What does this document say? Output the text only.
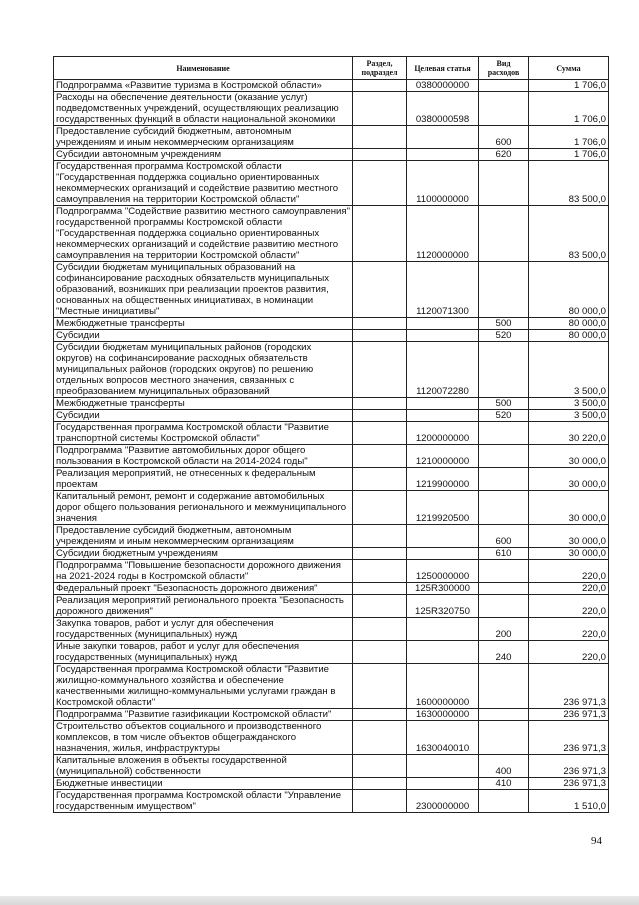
Наименование	Раздел, подраздел	Целевая статья	Вид расходов	Сумма
Подпрограмма «Развитие туризма в Костромской области»		0380000000		1 706,0
Расходы на обеспечение деятельности (оказание услуг) подведомственных учреждений, осуществляющих реализацию государственных функций в области национальной экономики		0380000598		1 706,0
Предоставление субсидий бюджетным, автономным учреждениям и иным некоммерческим организациям			600	1 706,0
Субсидии автономным учреждениям			620	1 706,0
Государственная программа Костромской области "Государственная поддержка социально ориентированных некоммерческих организаций и содействие развитию местного самоуправления на территории Костромской области"		1100000000		83 500,0
Подпрограмма "Содействие развитию местного самоуправления" государственной программы Костромской области "Государственная поддержка социально ориентированных некоммерческих организаций и содействие развитию местного самоуправления на территории Костромской области"		1120000000		83 500,0
Субсидии бюджетам муниципальных образований на софинансирование расходных обязательств муниципальных образований, возникших при реализации проектов развития, основанных на общественных инициативах, в номинации "Местные инициативы"		1120071300		80 000,0
Межбюджетные трансферты			500	80 000,0
Субсидии			520	80 000,0
Субсидии бюджетам муниципальных районов (городских округов) на софинансирование расходных обязательств муниципальных районов (городских округов) по решению отдельных вопросов местного значения, связанных с преобразованием муниципальных образований		1120072280		3 500,0
Межбюджетные трансферты			500	3 500,0
Субсидии			520	3 500,0
Государственная программа Костромской области "Развитие транспортной системы Костромской области"		1200000000		30 220,0
Подпрограмма "Развитие автомобильных дорог общего пользования в Костромской области на 2014-2024 годы"		1210000000		30 000,0
Реализация мероприятий, не отнесенных к федеральным проектам		1219900000		30 000,0
Капитальный ремонт, ремонт и содержание автомобильных дорог общего пользования регионального и межмуниципального значения		1219920500		30 000,0
Предоставление субсидий бюджетным, автономным учреждениям и иным некоммерческим организациям			600	30 000,0
Субсидии бюджетным учреждениям			610	30 000,0
Подпрограмма "Повышение безопасности дорожного движения на 2021-2024 годы в Костромской области"		1250000000		220,0
Федеральный проект "Безопасность дорожного движения"		125R300000		220,0
Реализация мероприятий регионального проекта "Безопасность дорожного движения"		125R320750		220,0
Закупка товаров, работ и услуг для обеспечения государственных (муниципальных) нужд			200	220,0
Иные закупки товаров, работ и услуг для обеспечения государственных (муниципальных) нужд			240	220,0
Государственная программа Костромской области "Развитие жилищно-коммунального хозяйства и обеспечение качественными жилищно-коммунальными услугами граждан в Костромской области"		1600000000		236 971,3
Подпрограмма "Развитие газификации Костромской области"		1630000000		236 971,3
Строительство объектов социального и производственного комплексов, в том числе объектов общегражданского назначения, жилья, инфраструктуры		1630040010		236 971,3
Капитальные вложения в объекты государственной (муниципальной) собственности			400	236 971,3
Бюджетные инвестиции			410	236 971,3
Государственная программа Костромской области "Управление государственным имуществом"		2300000000		1 510,0
94
